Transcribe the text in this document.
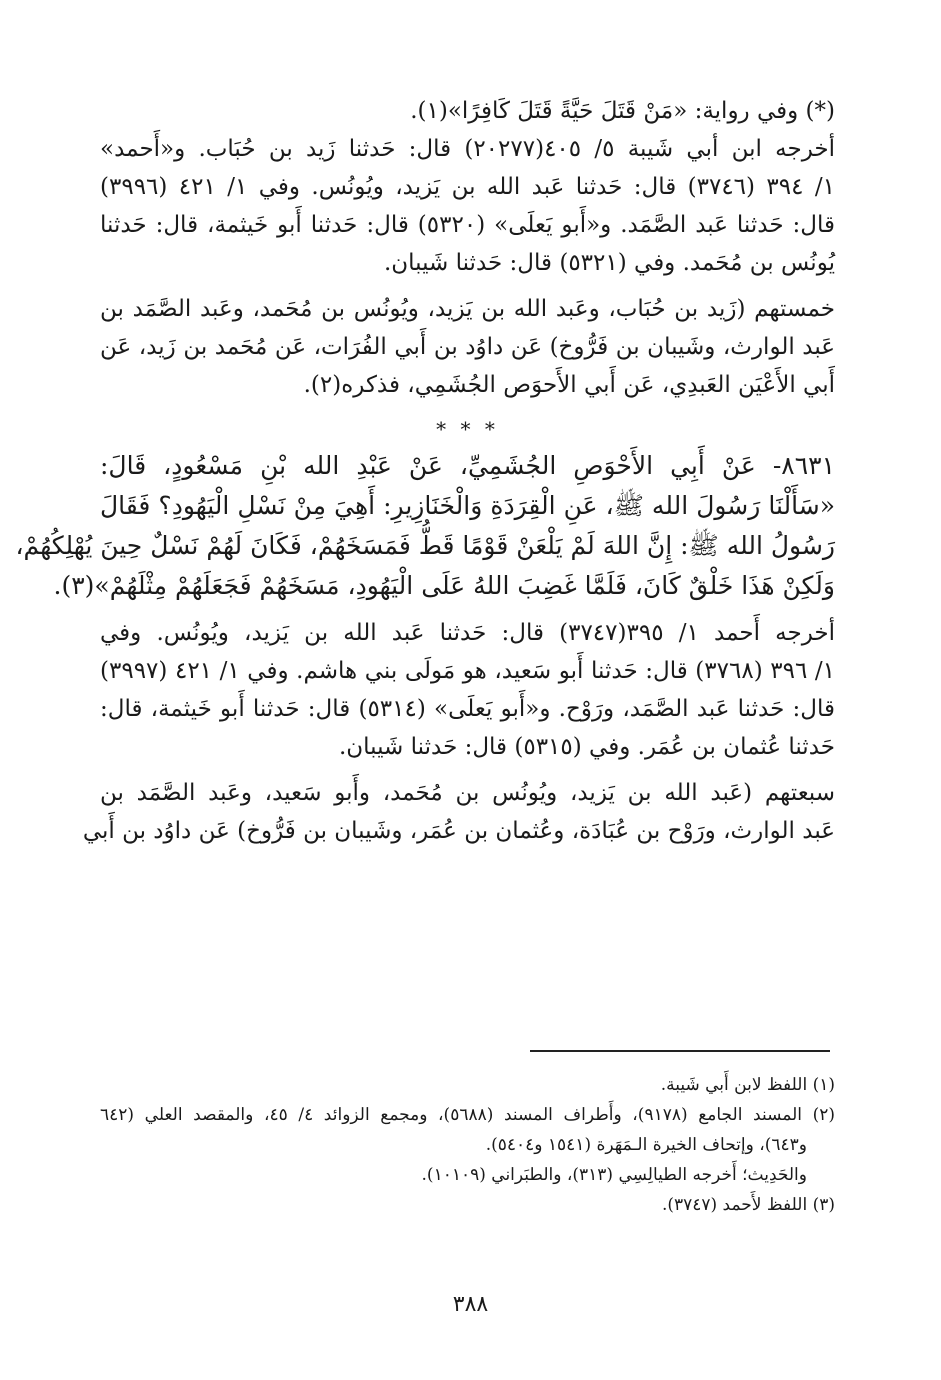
(*) وفي رواية: «مَنْ قَتَلَ حَيَّةً قَتَلَ كَافِرًا»(١).
أخرجه ابن أبي شَيبة ٥/ ٤٠٥(٢٠٢٧٧) قال: حَدثنا زَيد بن حُبَاب. و«أَحمد»
١/ ٣٩٤ (٣٧٤٦) قال: حَدثنا عَبد الله بن يَزيد، ويُونُس. وفي ١/ ٤٢١ (٣٩٩٦)
قال: حَدثنا عَبد الصَّمَد. و«أَبو يَعلَى» (٥٣٢٠) قال: حَدثنا أَبو خَيثمة، قال: حَدثنا
يُونُس بن مُحَمد. وفي (٥٣٢١) قال: حَدثنا شَيبان.
خمستهم (زَيد بن حُبَاب، وعَبد الله بن يَزيد، ويُونُس بن مُحَمد، وعَبد الصَّمَد بن
عَبد الوارث، وشَيبان بن فَرُّوخ) عَن داوُد بن أَبي الفُرَات، عَن مُحَمد بن زَيد، عَن
أَبي الأَعْيَن العَبدِي، عَن أَبي الأَحوَص الجُشَمِي، فذكره(٢).
* * *
٨٦٣١- عَنْ أَبِي الأَحْوَصِ الجُشَمِيِّ، عَنْ عَبْدِ الله بْنِ مَسْعُودٍ، قَالَ:
«سَأَلْنَا رَسُولَ الله ﷺ، عَنِ الْقِرَدَةِ وَالْخَنَازِيرِ: أَهِيَ مِنْ نَسْلِ الْيَهُودِ؟ فَقَالَ
رَسُولُ الله ﷺ: إِنَّ اللهَ لَمْ يَلْعَنْ قَوْمًا قَطُّ فَمَسَخَهُمْ، فَكَانَ لَهُمْ نَسْلٌ حِينَ يُهْلِكُهُمْ،
وَلَكِنْ هَذَا خَلْقٌ كَانَ، فَلَمَّا غَضِبَ اللهُ عَلَى الْيَهُودِ، مَسَخَهُمْ فَجَعَلَهُمْ مِثْلَهُمْ»(٣).
أخرجه أَحمد ١/ ٣٩٥(٣٧٤٧) قال: حَدثنا عَبد الله بن يَزيد، ويُونُس. وفي
١/ ٣٩٦ (٣٧٦٨) قال: حَدثنا أَبو سَعيد، هو مَولَى بني هاشم. وفي ١/ ٤٢١ (٣٩٩٧)
قال: حَدثنا عَبد الصَّمَد، ورَوْح. و«أَبو يَعلَى» (٥٣١٤) قال: حَدثنا أَبو خَيثمة، قال:
حَدثنا عُثمان بن عُمَر. وفي (٥٣١٥) قال: حَدثنا شَيبان.
سبعتهم (عَبد الله بن يَزيد، ويُونُس بن مُحَمد، وأَبو سَعيد، وعَبد الصَّمَد بن
عَبد الوارث، ورَوْح بن عُبَادَة، وعُثمان بن عُمَر، وشَيبان بن فَرُّوخ) عَن داوُد بن أَبي
(١) اللفظ لابن أَبي شَيبة.
(٢) المسند الجامع (٩١٧٨)، وأَطراف المسند (٥٦٨٨)، ومجمع الزوائد ٤/ ٤٥، والمقصد العلي (٦٤٢
و٦٤٣)، وإتحاف الخيرة الـمَهَرة (١٥٤١ و٥٤٠٤).
والحَدِيث؛ أَخرجه الطيالِسِي (٣١٣)، والطبَراني (١٠١٠٩).
(٣) اللفظ لأَحمد (٣٧٤٧).
٣٨٨
